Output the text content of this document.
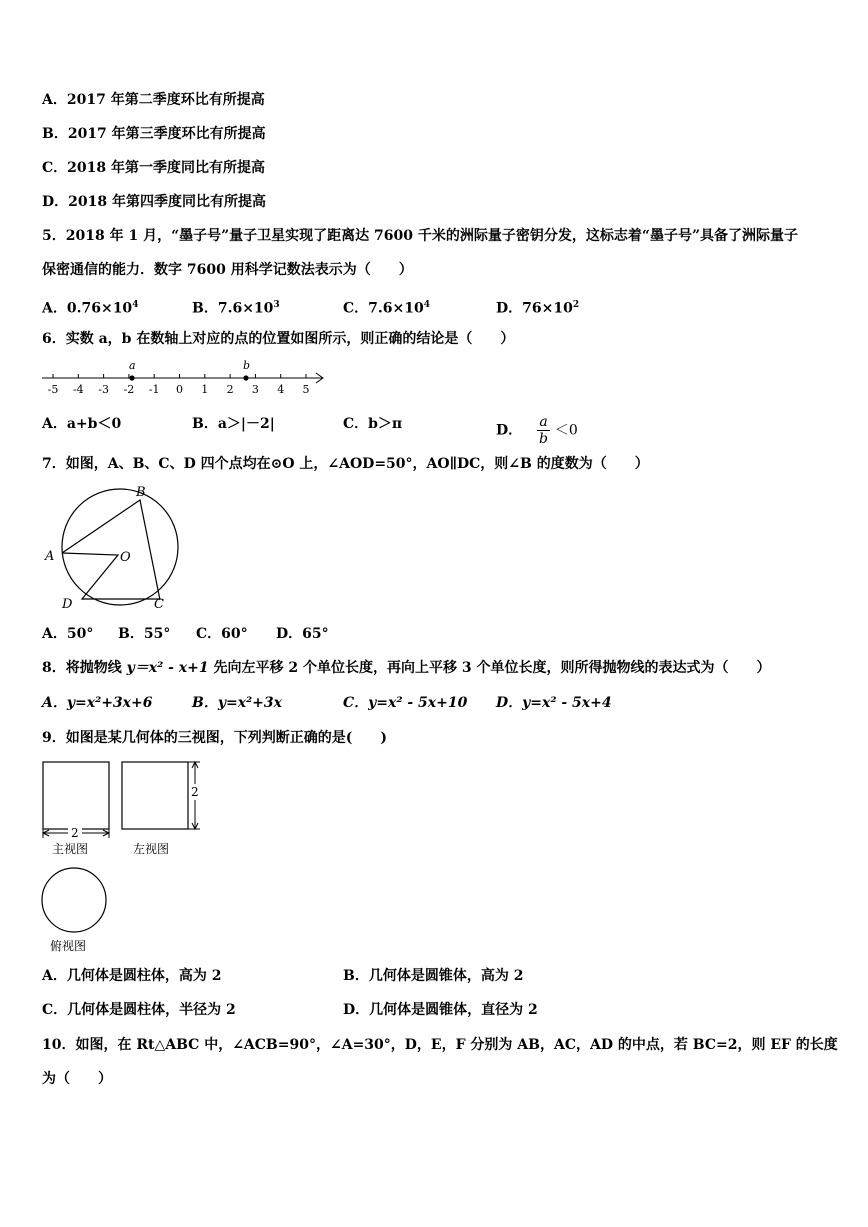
A．2017 年第二季度环比有所提高
B．2017 年第三季度环比有所提高
C．2018 年第一季度同比有所提高
D．2018 年第四季度同比有所提高
5．2018 年 1 月，“墨子号”量子卫星实现了距离达 7600 千米的洲际量子密钥分发，这标志着“墨子号”具备了洲际量子
保密通信的能力．数字 7600 用科学记数法表示为（　　）
A．$0.76\times 10^4$	B．$7.6\times 10^3$	C．$7.6\times 10^4$	D．$76\times 10^2$
6．实数 a，b 在数轴上对应的点的位置如图所示，则正确的结论是（　　）
-5 -4 -3 -2 -1 0 1 2 3 4 5
a	b
A．a+b＜0	B．a＞|－2|	C．b＞π	D． $\frac{a}{b} <0$
7．如图，A、B、C、D 四个点均在⊙O 上，∠AOD=50°，AO∥DC，则∠B 的度数为（　　）
B
A	O
D	C
A．50° B．55° C．60° D．65°
8．将抛物线 y＝x² - x+1 先向左平移 2 个单位长度，再向上平移 3 个单位长度，则所得抛物线的表达式为（　　）
A．y=x²+3x+6	B．y=x²+3x	C．y=x² - 5x+10 D．y=x² - 5x+4
9．如图是某几何体的三视图，下列判断正确的是(　　)
2
2
主视图	左视图
俯视图
A．几何体是圆柱体，高为 2	B．几何体是圆锥体，高为 2
C．几何体是圆柱体，半径为 2	D．几何体是圆锥体，直径为 2
10．如图，在 Rt△ABC 中，∠ACB=90°，∠A=30°，D，E，F 分别为 AB，AC，AD 的中点，若 BC=2，则 EF 的长度
为（　　）
